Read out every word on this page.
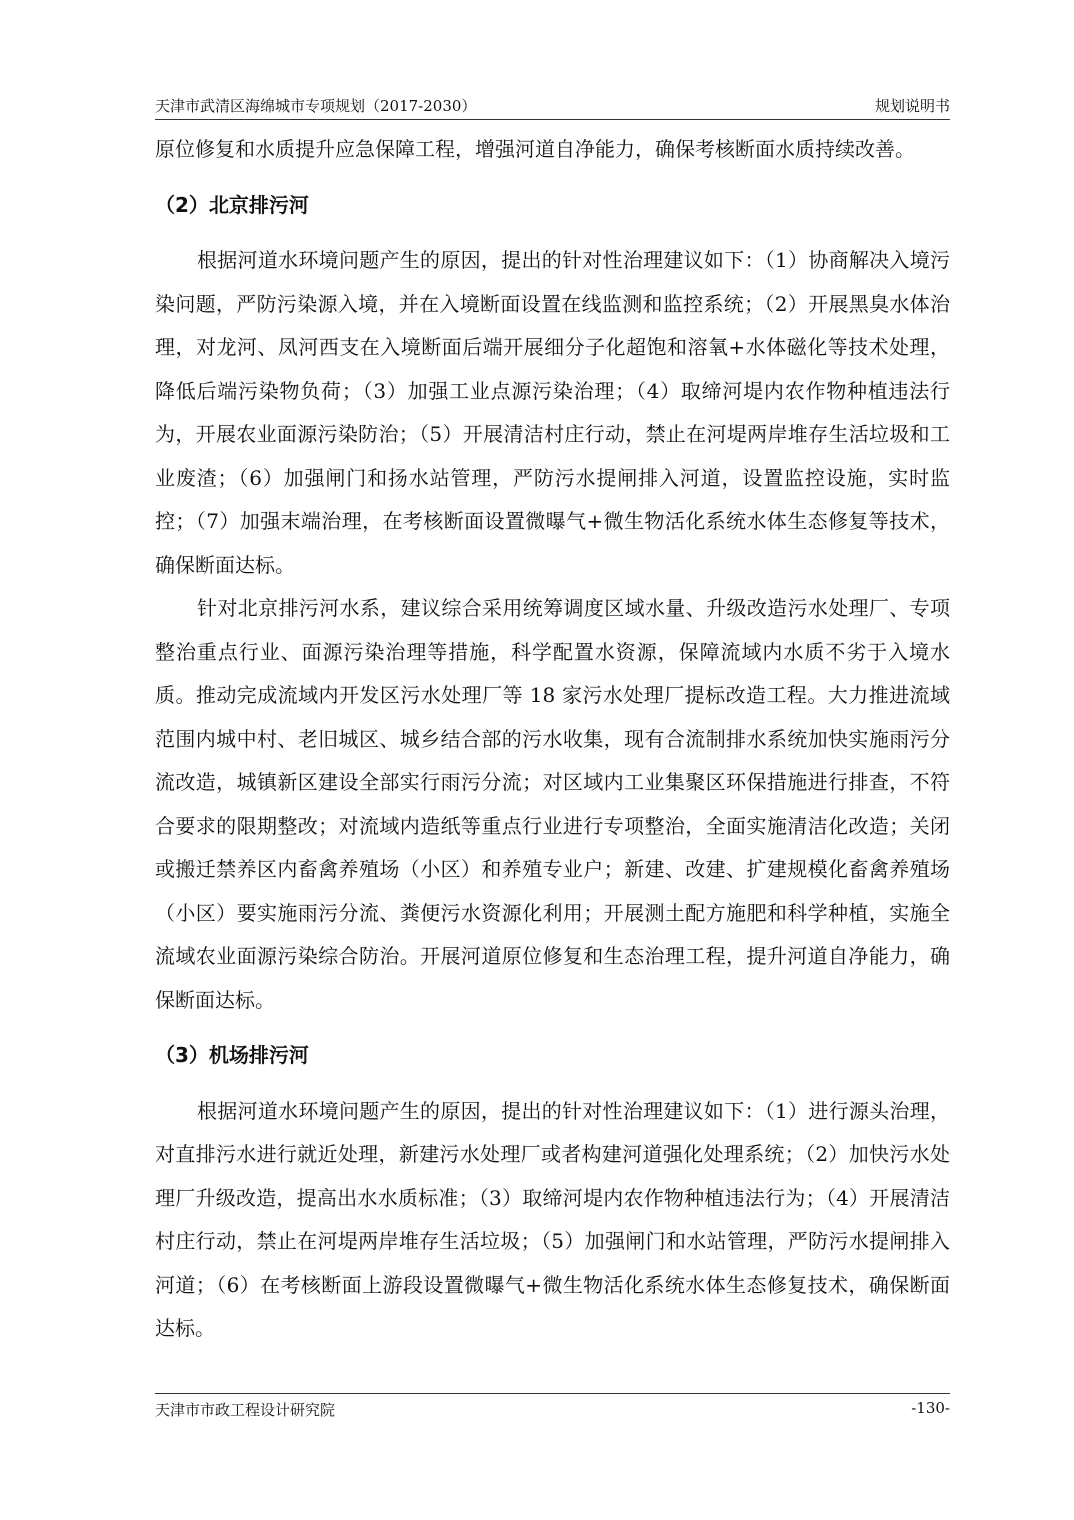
天津市武清区海绵城市专项规划（2017-2030）	规划说明书

原位修复和水质提升应急保障工程，增强河道自净能力，确保考核断面水质持续改善。

（2）北京排污河

根据河道水环境问题产生的原因，提出的针对性治理建议如下：（1）协商解决入境污染问题，严防污染源入境，并在入境断面设置在线监测和监控系统；（2）开展黑臭水体治理，对龙河、凤河西支在入境断面后端开展细分子化超饱和溶氧+水体磁化等技术处理，降低后端污染物负荷；（3）加强工业点源污染治理；（4）取缔河堤内农作物种植违法行为，开展农业面源污染防治；（5）开展清洁村庄行动，禁止在河堤两岸堆存生活垃圾和工业废渣；（6）加强闸门和扬水站管理，严防污水提闸排入河道，设置监控设施，实时监控；（7）加强末端治理，在考核断面设置微曝气+微生物活化系统水体生态修复等技术，确保断面达标。

针对北京排污河水系，建议综合采用统筹调度区域水量、升级改造污水处理厂、专项整治重点行业、面源污染治理等措施，科学配置水资源，保障流域内水质不劣于入境水质。推动完成流域内开发区污水处理厂等 18 家污水处理厂提标改造工程。大力推进流域范围内城中村、老旧城区、城乡结合部的污水收集，现有合流制排水系统加快实施雨污分流改造，城镇新区建设全部实行雨污分流；对区域内工业集聚区环保措施进行排查，不符合要求的限期整改；对流域内造纸等重点行业进行专项整治，全面实施清洁化改造；关闭或搬迁禁养区内畜禽养殖场（小区）和养殖专业户；新建、改建、扩建规模化畜禽养殖场（小区）要实施雨污分流、粪便污水资源化利用；开展测土配方施肥和科学种植，实施全流域农业面源污染综合防治。开展河道原位修复和生态治理工程，提升河道自净能力，确保断面达标。

（3）机场排污河

根据河道水环境问题产生的原因，提出的针对性治理建议如下：（1）进行源头治理，对直排污水进行就近处理，新建污水处理厂或者构建河道强化处理系统；（2）加快污水处理厂升级改造，提高出水水质标准；（3）取缔河堤内农作物种植违法行为；（4）开展清洁村庄行动，禁止在河堤两岸堆存生活垃圾；（5）加强闸门和水站管理，严防污水提闸排入河道；（6）在考核断面上游段设置微曝气+微生物活化系统水体生态修复技术，确保断面达标。

天津市市政工程设计研究院	-130-
